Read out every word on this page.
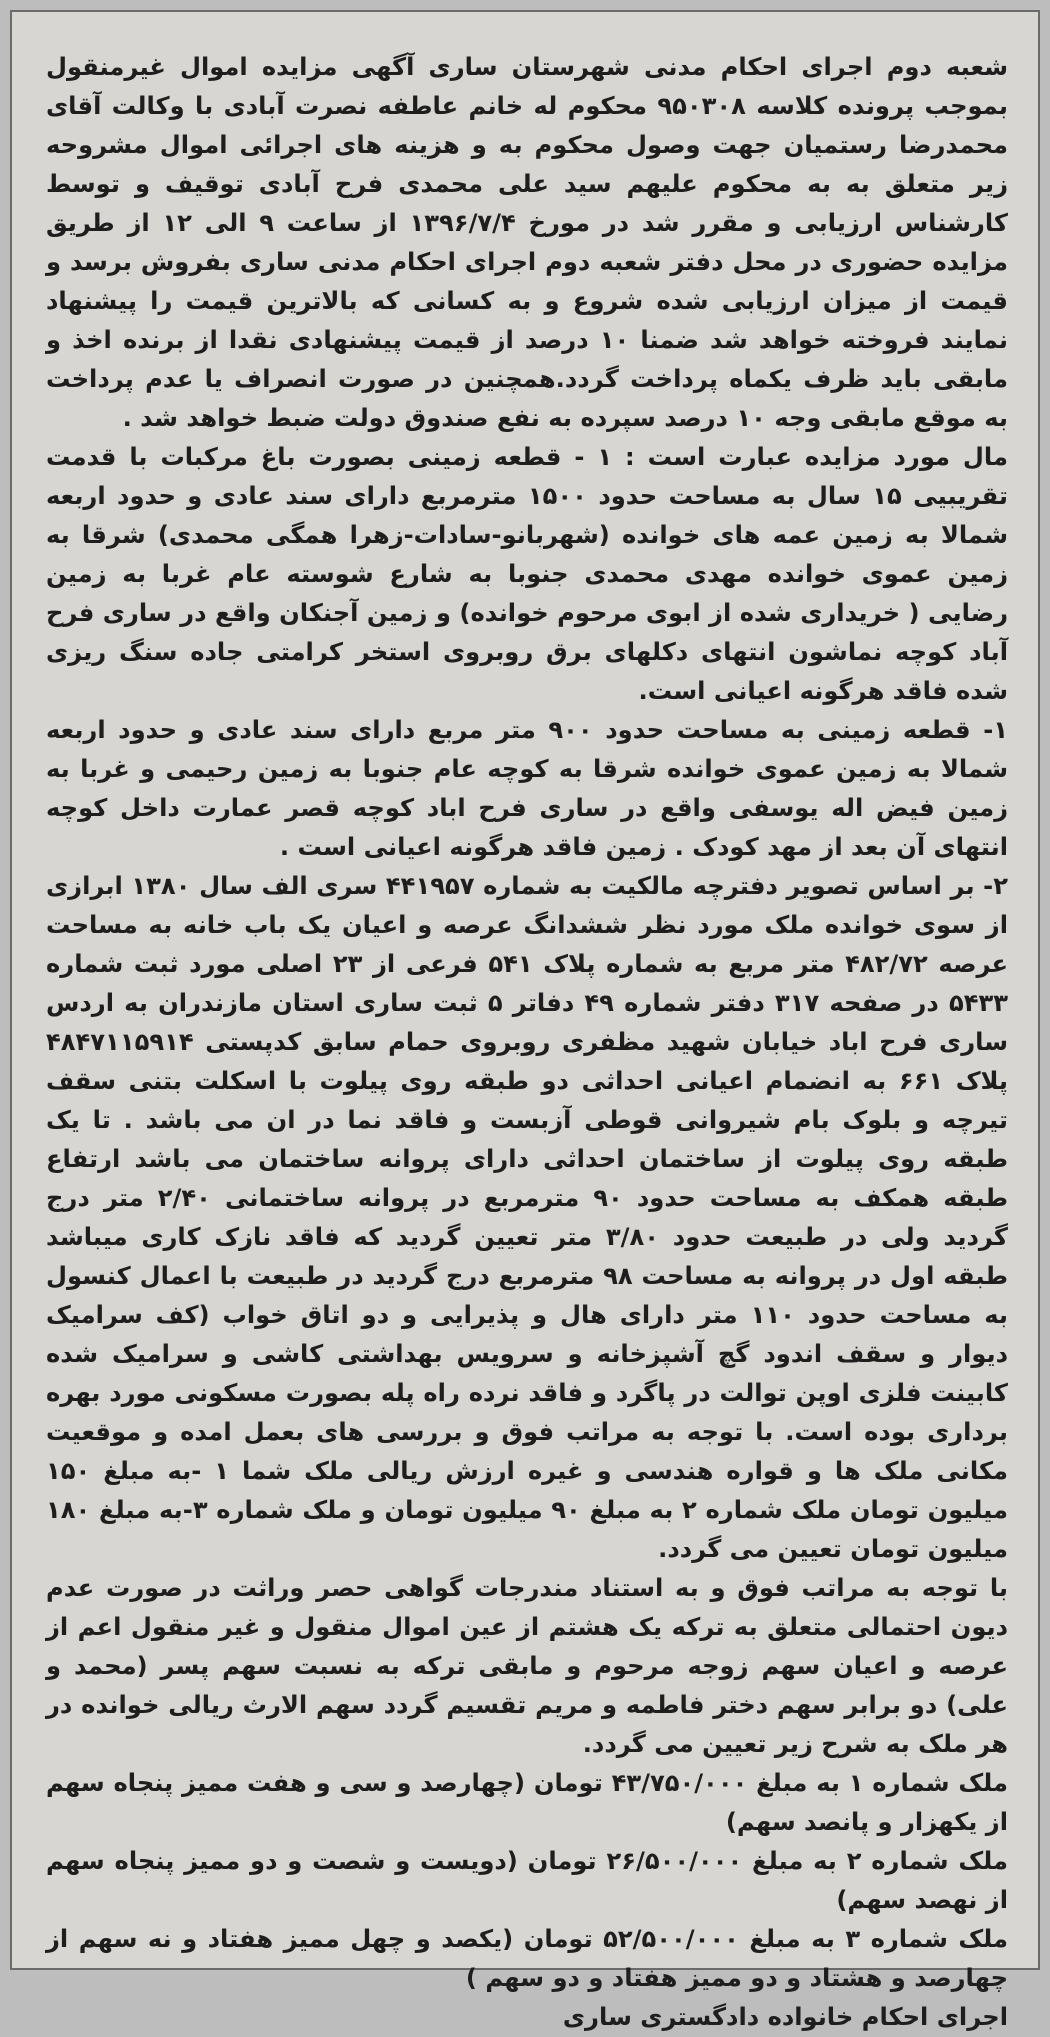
شعبه دوم اجرای احکام مدنی شهرستان ساری آگهی مزایده اموال غیرمنقول بموجب پرونده کلاسه ۹۵۰۳۰۸ محکوم له خانم عاطفه نصرت آبادی با وکالت آقای محمدرضا رستمیان جهت وصول محکوم به و هزینه های اجرائی اموال مشروحه زیر متعلق به به محکوم علیهم سید علی محمدی فرح آبادی توقیف و توسط کارشناس ارزیابی و مقرر شد در مورخ ۱۳۹۶/۷/۴ از ساعت ۹ الی ۱۲ از طریق مزایده حضوری در محل دفتر شعبه دوم اجرای احکام مدنی ساری بفروش برسد و قیمت از میزان ارزیابی شده شروع و به کسانی که بالاترین قیمت را پیشنهاد نمایند فروخته خواهد شد ضمنا ۱۰ درصد از قیمت پیشنهادی نقدا از برنده اخذ و مابقی باید ظرف یکماه پرداخت گردد.همچنین در صورت انصراف یا عدم پرداخت به موقع مابقی وجه ۱۰ درصد سپرده به نفع صندوق دولت ضبط خواهد شد .

مال مورد مزایده عبارت است : ۱ - قطعه زمینی بصورت باغ مرکبات با قدمت تقریبیی ۱۵ سال به مساحت حدود ۱۵۰۰ مترمربع دارای سند عادی و حدود اربعه شمالا به زمین عمه های خوانده (شهربانو-سادات-زهرا همگی محمدی) شرقا به زمین عموی خوانده مهدی محمدی جنوبا به شارع شوسته عام غربا به زمین رضایی ( خریداری شده از ابوی مرحوم خوانده) و زمین آجنکان واقع در ساری فرح آباد کوچه نماشون انتهای دکلهای برق روبروی استخر کرامتی جاده سنگ ریزی شده فاقد هرگونه اعیانی است.

۱- قطعه زمینی به مساحت حدود ۹۰۰ متر مربع دارای سند عادی و حدود اربعه شمالا به زمین عموی خوانده شرقا به کوچه عام جنوبا به زمین رحیمی و غربا به زمین فیض اله یوسفی واقع در ساری فرح اباد کوچه قصر عمارت داخل کوچه انتهای آن بعد از مهد کودک . زمین فاقد هرگونه اعیانی است .

۲- بر اساس تصویر دفترچه مالکیت به شماره ۴۴۱۹۵۷ سری الف سال ۱۳۸۰ ابرازی از سوی خوانده ملک مورد نظر ششدانگ عرصه و اعیان یک باب خانه به مساحت عرصه ۴۸۲/۷۲ متر مربع به شماره پلاک ۵۴۱ فرعی از ۲۳ اصلی مورد ثبت شماره ۵۴۳۳ در صفحه ۳۱۷ دفتر شماره ۴۹ دفاتر ۵ ثبت ساری استان مازندران به اردس ساری فرح اباد خیابان شهید مظفری روبروی حمام سابق کدپستی ۴۸۴۷۱۱۵۹۱۴ پلاک ۶۶۱ به انضمام اعیانی احداثی دو طبقه روی پیلوت با اسکلت بتنی سقف تیرچه و بلوک بام شیروانی قوطی آزبست و فاقد نما در ان می باشد . تا یک طبقه روی پیلوت از ساختمان احداثی دارای پروانه ساختمان می باشد ارتفاع طبقه همکف به مساحت حدود ۹۰ مترمربع در پروانه ساختمانی ۲/۴۰ متر درج گردید ولی در طبیعت حدود ۳/۸۰ متر تعیین گردید که فاقد نازک کاری میباشد طبقه اول در پروانه به مساحت ۹۸ مترمربع درج گردید در طبیعت با اعمال کنسول به مساحت حدود ۱۱۰ متر دارای هال و پذیرایی و دو اتاق خواب (کف سرامیک دیوار و سقف اندود گچ آشپزخانه و سرویس بهداشتی کاشی و سرامیک شده کابینت فلزی اوپن توالت در پاگرد و فاقد نرده راه پله بصورت مسکونی مورد بهره برداری بوده است. با توجه به مراتب فوق و بررسی های بعمل امده و موقعیت مکانی ملک ها و قواره هندسی و غیره ارزش ریالی ملک شما ۱ -به مبلغ ۱۵۰ میلیون تومان ملک شماره ۲ به مبلغ ۹۰ میلیون تومان و ملک شماره ۳-به مبلغ ۱۸۰ میلیون تومان تعیین می گردد.

با توجه به مراتب فوق و به استناد مندرجات گواهی حصر وراثت در صورت عدم دیون احتمالی متعلق به ترکه یک هشتم از عین اموال منقول و غیر منقول اعم از عرصه و اعیان سهم زوجه مرحوم و مابقی ترکه به نسبت سهم پسر (محمد و علی) دو برابر سهم دختر فاطمه و مریم تقسیم گردد سهم الارث ریالی خوانده در هر ملک به شرح زیر تعیین می گردد.

ملک شماره ۱ به مبلغ ۴۳/۷۵۰/۰۰۰ تومان (چهارصد و سی و هفت ممیز پنجاه سهم از یکهزار و پانصد سهم)

ملک شماره ۲ به مبلغ ۲۶/۵۰۰/۰۰۰ تومان (دویست و شصت و دو ممیز پنجاه سهم از نهصد سهم)

ملک شماره ۳ به مبلغ ۵۲/۵۰۰/۰۰۰ تومان (یکصد و چهل ممیز هفتاد و نه سهم از چهارصد و هشتاد و دو ممیز هفتاد و دو سهم )

اجرای احکام خانواده دادگستری ساری
